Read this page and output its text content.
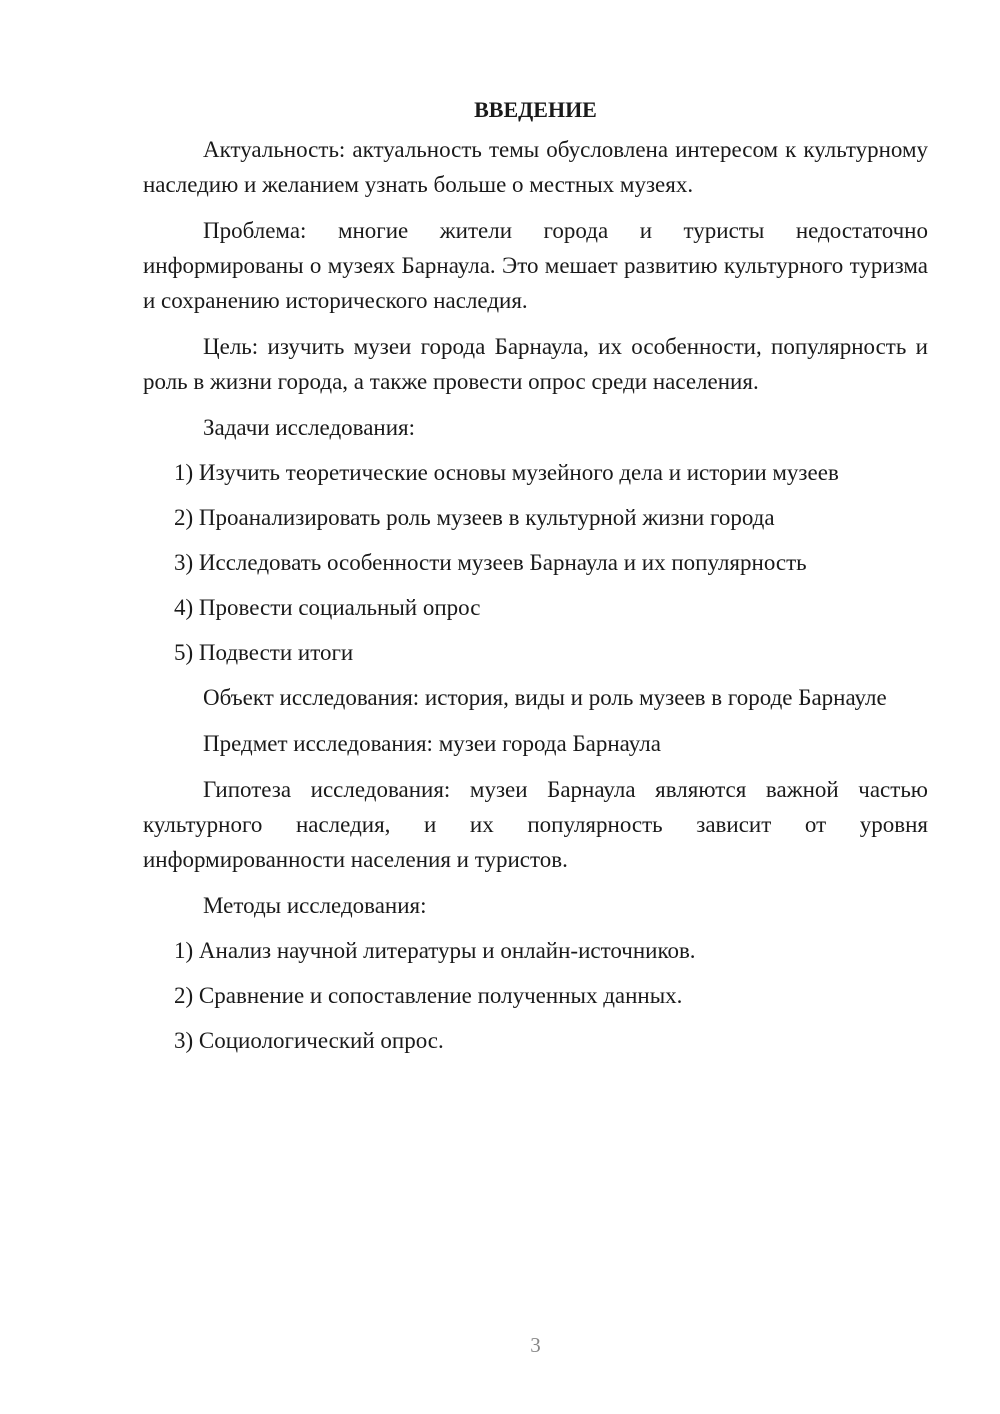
ВВЕДЕНИЕ

Актуальность: актуальность темы обусловлена интересом к культурному наследию и желанием узнать больше о местных музеях.

Проблема: многие жители города и туристы недостаточно информированы о музеях Барнаула. Это мешает развитию культурного туризма и сохранению исторического наследия.

Цель: изучить музеи города Барнаула, их особенности, популярность и роль в жизни города, а также провести опрос среди населения.

Задачи исследования:

1) Изучить теоретические основы музейного дела и истории музеев

2) Проанализировать роль музеев в культурной жизни города

3) Исследовать особенности музеев Барнаула и их популярность

4) Провести социальный опрос

5) Подвести итоги

Объект исследования: история, виды и роль музеев в городе Барнауле

Предмет исследования: музеи города Барнаула

Гипотеза исследования: музеи Барнаула являются важной частью культурного наследия, и их популярность зависит от уровня информированности населения и туристов.

Методы исследования:

1) Анализ научной литературы и онлайн-источников.

2) Сравнение и сопоставление полученных данных.

3) Социологический опрос.

3
